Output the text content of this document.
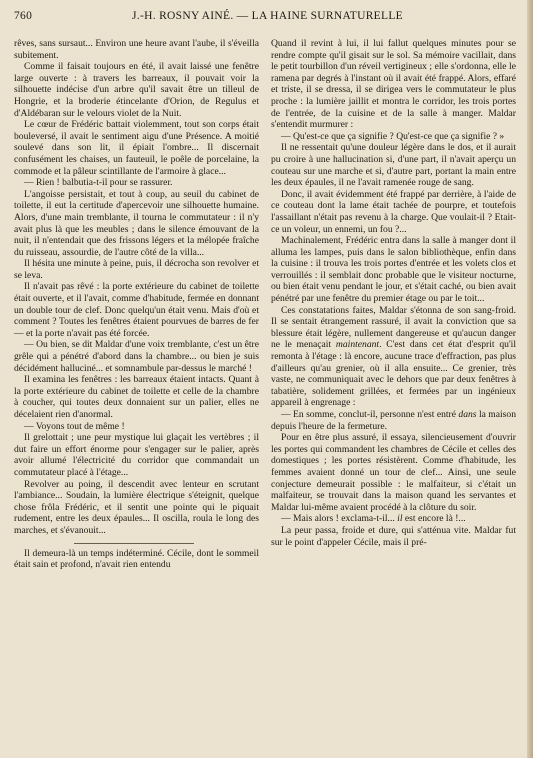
760	J.-H. ROSNY AINÉ. — LA HAINE SURNATURELLE

rêves, sans sursaut... Environ une heure avant l'aube, il s'éveilla subitement.

Comme il faisait toujours en été, il avait laissé une fenêtre large ouverte : à travers les barreaux, il pouvait voir la silhouette indécise d'un arbre qu'il savait être un tilleul de Hongrie, et la broderie étincelante d'Orion, de Regulus et d'Aldébaran sur le velours violet de la Nuit.

Le cœur de Frédéric battait violemment, tout son corps était bouleversé, il avait le sentiment aigu d'une Présence. A moitié soulevé dans son lit, il épiait l'ombre... Il discernait confusément les chaises, un fauteuil, le poêle de porcelaine, la commode et la pâleur scintillante de l'armoire à glace...

— Rien ! balbutia-t-il pour se rassurer.

L'angoisse persistait, et tout à coup, au seuil du cabinet de toilette, il eut la certitude d'apercevoir une silhouette humaine. Alors, d'une main tremblante, il tourna le commutateur : il n'y avait plus là que les meubles ; dans le silence émouvant de la nuit, il n'entendait que des frissons légers et la mélopée fraîche du ruisseau, assourdie, de l'autre côté de la villa...

Il hésita une minute à peine, puis, il décrocha son revolver et se leva.

Il n'avait pas rêvé : la porte extérieure du cabinet de toilette était ouverte, et il l'avait, comme d'habitude, fermée en donnant un double tour de clef. Donc quelqu'un était venu. Mais d'où et comment ? Toutes les fenêtres étaient pourvues de barres de fer — et la porte n'avait pas été forcée.

— Ou bien, se dit Maldar d'une voix tremblante, c'est un être grêle qui a pénétré d'abord dans la chambre... ou bien je suis décidément halluciné... et somnambule par-dessus le marché !

Il examina les fenêtres : les barreaux étaient intacts. Quant à la porte extérieure du cabinet de toilette et celle de la chambre à coucher, qui toutes deux donnaient sur un palier, elles ne décelaient rien d'anormal.

— Voyons tout de même !

Il grelottait ; une peur mystique lui glaçait les vertèbres ; il dut faire un effort énorme pour s'engager sur le palier, après avoir allumé l'électricité du corridor que commandait un commutateur placé à l'étage...

Revolver au poing, il descendit avec lenteur en scrutant l'ambiance... Soudain, la lumière électrique s'éteignit, quelque chose frôla Frédéric, et il sentit une pointe qui le piquait rudement, entre les deux épaules... Il oscilla, roula le long des marches, et s'évanouit...

Il demeura-là un temps indéterminé. Cécile, dont le sommeil était sain et profond, n'avait rien entendu

Quand il revint à lui, il lui fallut quelques minutes pour se rendre compte qu'il gisait sur le sol. Sa mémoire vacillait, dans le petit tourbillon d'un réveil vertigineux ; elle s'ordonna, elle le ramena par degrés à l'instant où il avait été frappé. Alors, effaré et triste, il se dressa, il se dirigea vers le commutateur le plus proche : la lumière jaillit et montra le corridor, les trois portes de l'entrée, de la cuisine et de la salle à manger. Maldar s'entendit murmurer :

— Qu'est-ce que ça signifie ? Qu'est-ce que ça signifie ? »

Il ne ressentait qu'une douleur légère dans le dos, et il aurait pu croire à une hallucination si, d'une part, il n'avait aperçu un couteau sur une marche et si, d'autre part, portant la main entre les deux épaules, il ne l'avait ramenée rouge de sang.

Donc, il avait évidemment été frappé par derrière, à l'aide de ce couteau dont la lame était tachée de pourpre, et toutefois l'assaillant n'était pas revenu à la charge. Que voulait-il ? Etait-ce un voleur, un ennemi, un fou ?...

Machinalement, Frédéric entra dans la salle à manger dont il alluma les lampes, puis dans le salon bibliothèque, enfin dans la cuisine : il trouva les trois portes d'entrée et les volets clos et verrouillés : il semblait donc probable que le visiteur nocturne, ou bien était venu pendant le jour, et s'était caché, ou bien avait pénétré par une fenêtre du premier étage ou par le toit...

Ces constatations faites, Maldar s'étonna de son sang-froid. Il se sentait étrangement rassuré, il avait la conviction que sa blessure était légère, nullement dangereuse et qu'aucun danger ne le menaçait maintenant. C'est dans cet état d'esprit qu'il remonta à l'étage : là encore, aucune trace d'effraction, pas plus d'ailleurs qu'au grenier, où il alla ensuite... Ce grenier, très vaste, ne communiquait avec le dehors que par deux fenêtres à tabatière, solidement grillées, et fermées par un ingénieux appareil à engrenage :

— En somme, conclut-il, personne n'est entré dans la maison depuis l'heure de la fermeture.

Pour en être plus assuré, il essaya, silencieusement d'ouvrir les portes qui commandent les chambres de Cécile et celles des domestiques ; les portes résistèrent. Comme d'habitude, les femmes avaient donné un tour de clef... Ainsi, une seule conjecture demeurait possible : le malfaiteur, si c'était un malfaiteur, se trouvait dans la maison quand les servantes et Maldar lui-même avaient procédé à la clôture du soir.

— Mais alors ! exclama-t-il... il est encore là !...

La peur passa, froide et dure, qui s'atténua vite. Maldar fut sur le point d'appeler Cécile, mais il pré-
